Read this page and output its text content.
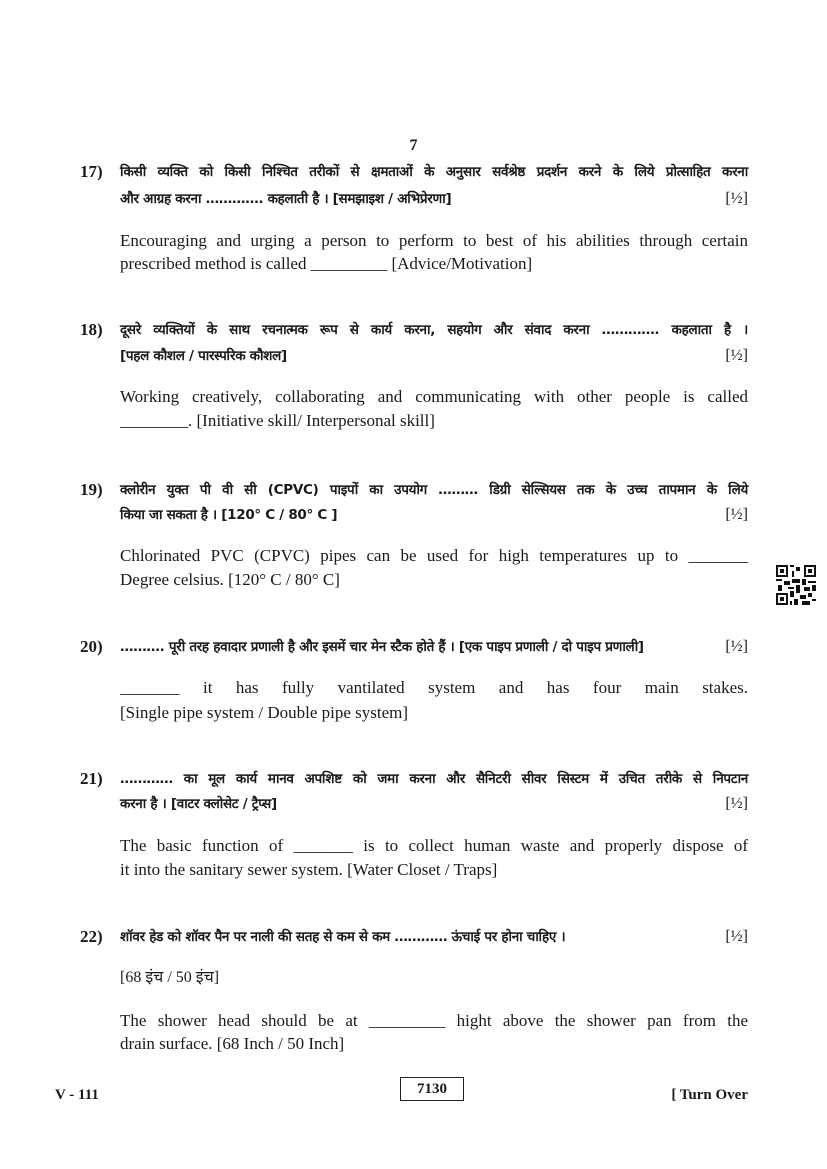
7
17) किसी व्यक्ति को किसी निश्चित तरीकों से क्षमताओं के अनुसार सर्वश्रेष्ठ प्रदर्शन करने के लिये प्रोत्साहित करना
और आग्रह करना …………. कहलाती है । [समझाइश / अभिप्रेरणा]	[½]
Encouraging and urging a person to perform to best of his abilities through certain
prescribed method is called _________ [Advice/Motivation]
18) दूसरे व्यक्तियों के साथ रचनात्मक रूप से कार्य करना, सहयोग और संवाद करना …………. कहलाता है ।
[पहल कौशल / पारस्परिक कौशल]	[½]
Working creatively, collaborating and communicating with other people is called
________. [Initiative skill/ Interpersonal skill]
19) क्लोरीन युक्त पी वी सी (CPVC) पाइपों का उपयोग ……… डिग्री सेल्सियस तक के उच्च तापमान के लिये
किया जा सकता है । [120° C / 80° C ]	[½]
Chlorinated PVC (CPVC) pipes can be used for high temperatures up to _______
Degree celsius. [120° C / 80° C]
20) ………. पूरी तरह हवादार प्रणाली है और इसमें चार मेन स्टैक होते हैं । [एक पाइप प्रणाली / दो पाइप प्रणाली]	[½]
_______ it has fully vantilated system and has four main stakes.
[Single pipe system / Double pipe system]
21) ………… का मूल कार्य मानव अपशिष्ट को जमा करना और सैनिटरी सीवर सिस्टम में उचित तरीके से निपटान
करना है । [वाटर क्लोसेट / ट्रैप्स]	[½]
The basic function of _______ is to collect human waste and properly dispose of
it into the sanitary sewer system. [Water Closet / Traps]
22) शॉवर हेड को शॉवर पैन पर नाली की सतह से कम से कम ………… ऊंचाई पर होना चाहिए ।	[½]
[68 इंच / 50 इंच]
The shower head should be at _________ hight above the shower pan from the
drain surface. [68 Inch / 50 Inch]
V - 111	7130	[ Turn Over
